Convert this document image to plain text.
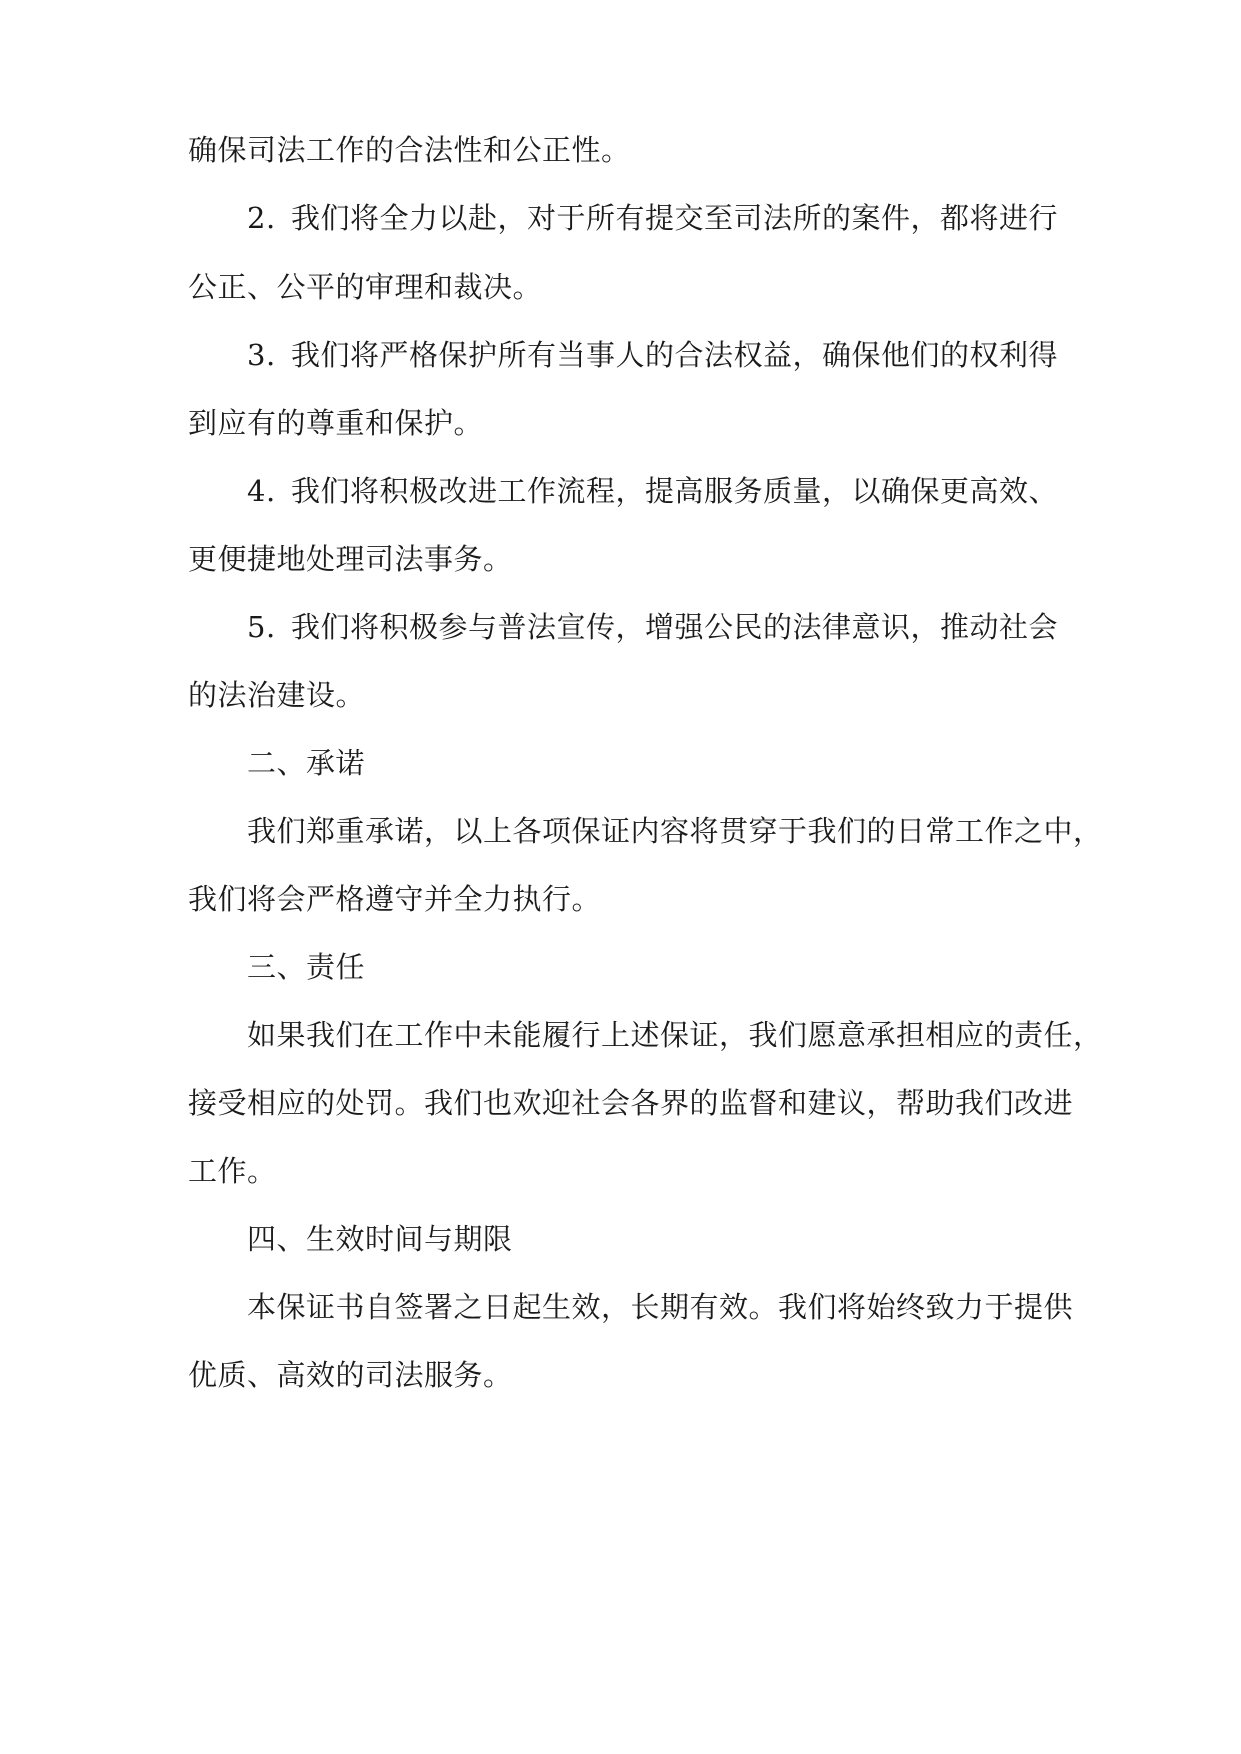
确保司法工作的合法性和公正性。
2. 我们将全力以赴，对于所有提交至司法所的案件，都将进行
公正、公平的审理和裁决。
3. 我们将严格保护所有当事人的合法权益，确保他们的权利得
到应有的尊重和保护。
4. 我们将积极改进工作流程，提高服务质量，以确保更高效、
更便捷地处理司法事务。
5. 我们将积极参与普法宣传，增强公民的法律意识，推动社会
的法治建设。
二、承诺
我们郑重承诺，以上各项保证内容将贯穿于我们的日常工作之中，
我们将会严格遵守并全力执行。
三、责任
如果我们在工作中未能履行上述保证，我们愿意承担相应的责任，
接受相应的处罚。我们也欢迎社会各界的监督和建议，帮助我们改进
工作。
四、生效时间与期限
本保证书自签署之日起生效，长期有效。我们将始终致力于提供
优质、高效的司法服务。
